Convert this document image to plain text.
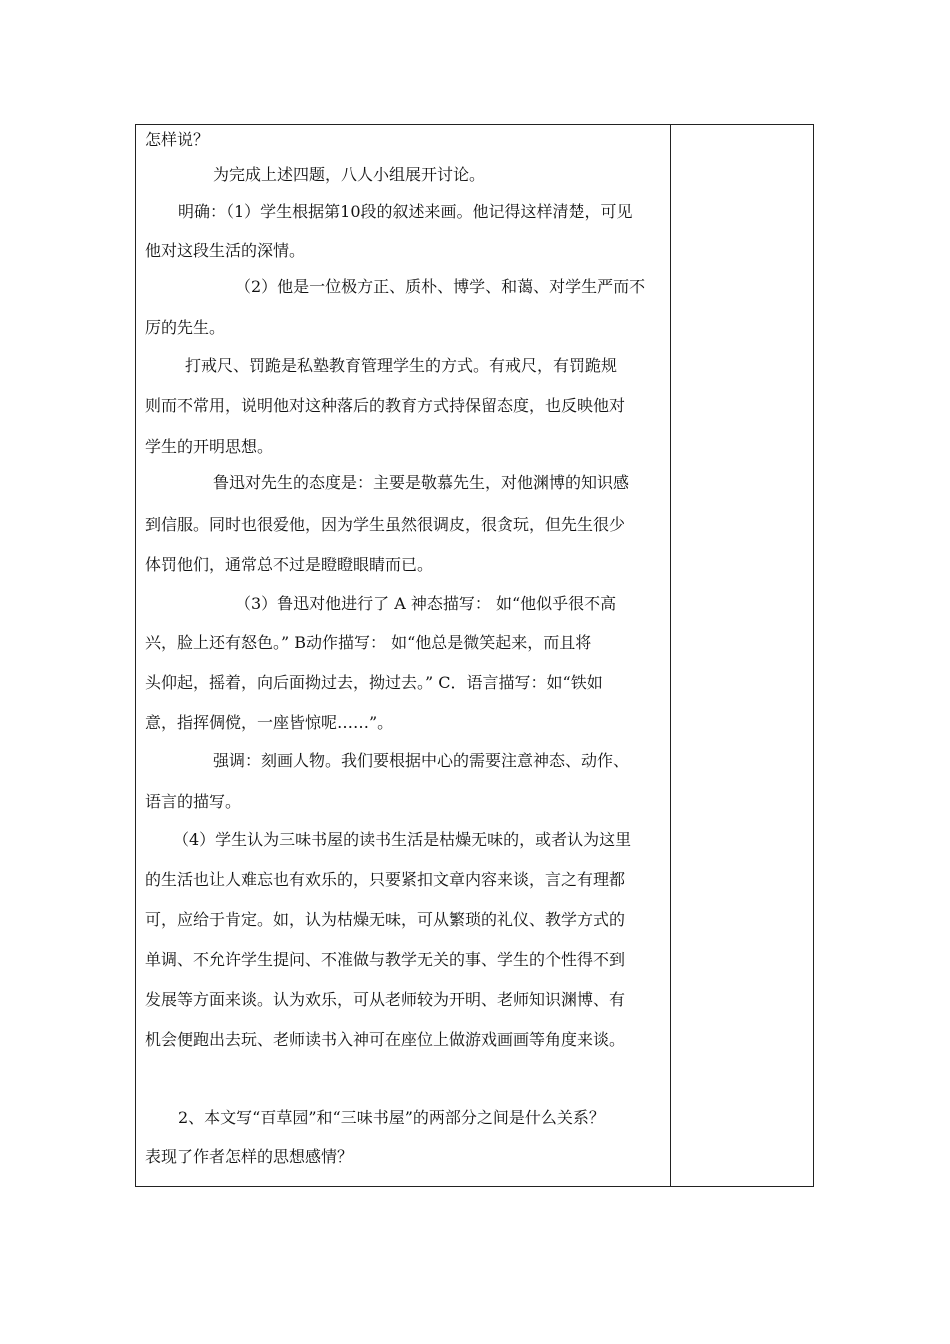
怎样说？
为完成上述四题，八人小组展开讨论。
明确：（1）学生根据第10段的叙述来画。他记得这样清楚，可见
他对这段生活的深情。
（2）他是一位极方正、质朴、博学、和蔼、对学生严而不
厉的先生。
打戒尺、罚跪是私塾教育管理学生的方式。有戒尺，有罚跪规
则而不常用，说明他对这种落后的教育方式持保留态度，也反映他对
学生的开明思想。
鲁迅对先生的态度是：主要是敬慕先生，对他渊博的知识感
到信服。同时也很爱他，因为学生虽然很调皮，很贪玩，但先生很少
体罚他们，通常总不过是瞪瞪眼睛而已。
（3）鲁迅对他进行了 A 神态描写： 如“他似乎很不高
兴，脸上还有怒色。” B动作描写： 如“他总是微笑起来，而且将
头仰起，摇着，向后面拗过去，拗过去。” C．语言描写：如“铁如
意，指挥倜傥，一座皆惊呢……”。
强调：刻画人物。我们要根据中心的需要注意神态、动作、
语言的描写。
（4）学生认为三味书屋的读书生活是枯燥无味的，或者认为这里
的生活也让人难忘也有欢乐的，只要紧扣文章内容来谈，言之有理都
可，应给于肯定。如，认为枯燥无味，可从繁琐的礼仪、教学方式的
单调、不允许学生提问、不准做与教学无关的事、学生的个性得不到
发展等方面来谈。认为欢乐，可从老师较为开明、老师知识渊博、有
机会便跑出去玩、老师读书入神可在座位上做游戏画画等角度来谈。
2、本文写“百草园”和“三味书屋”的两部分之间是什么关系？
表现了作者怎样的思想感情？
